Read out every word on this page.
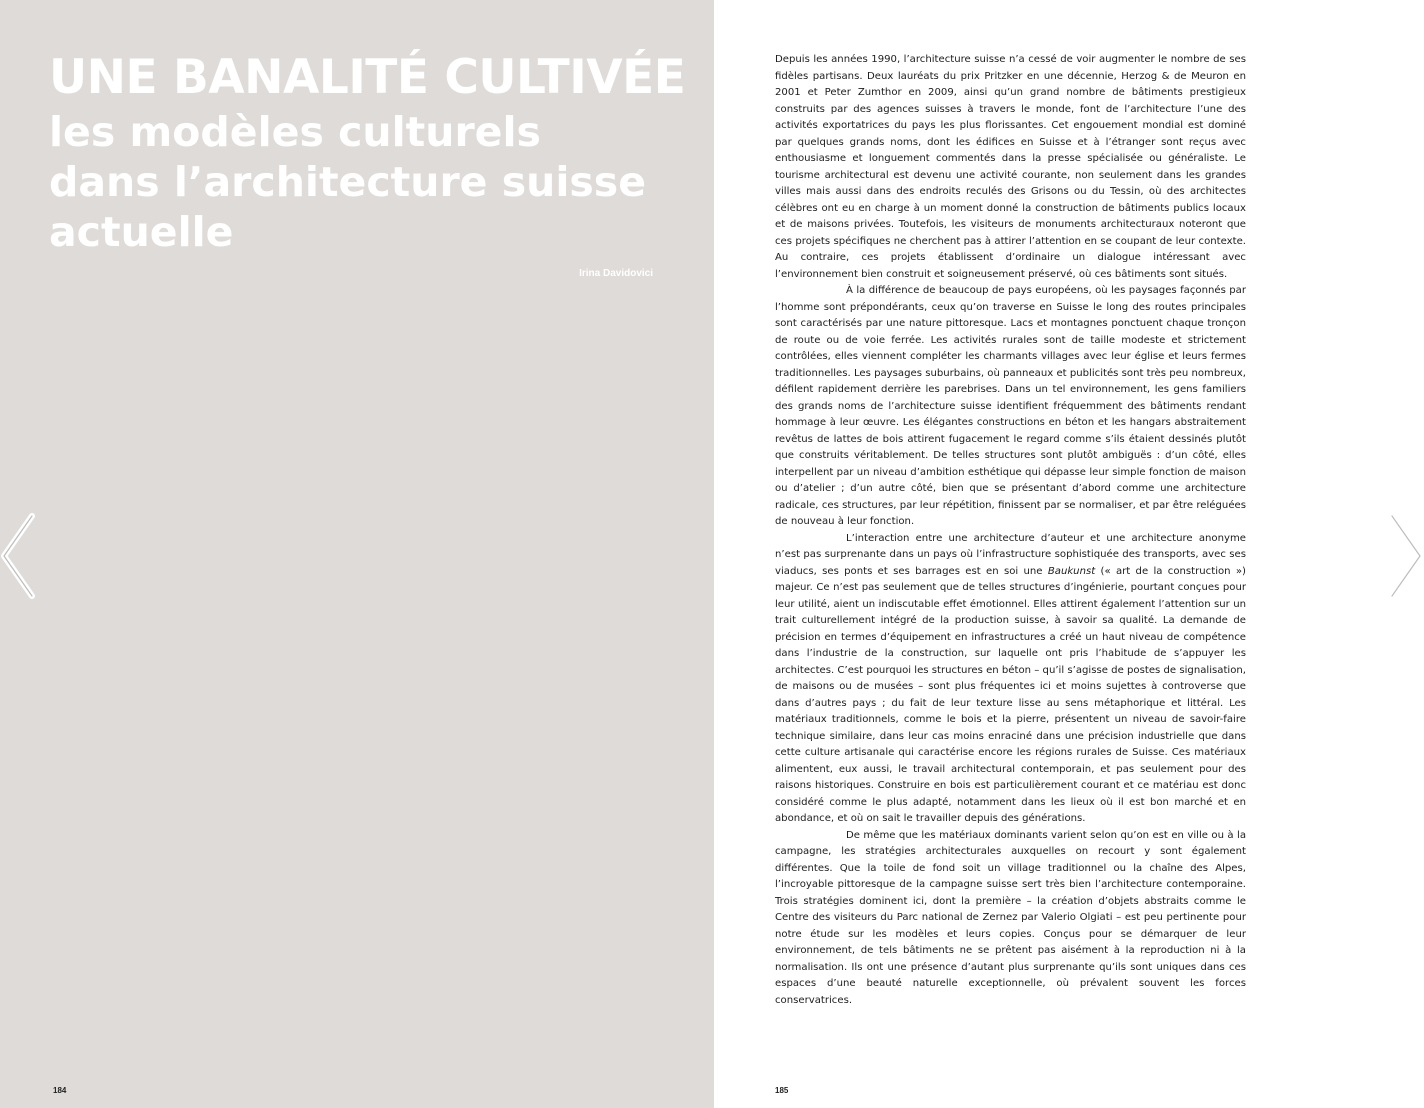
UNE BANALITÉ CULTIVÉE
les modèles culturels
dans l’architecture suisse
actuelle
Irina Davidovici
184	185

Depuis les années 1990, l’architecture suisse n’a cessé de voir augmenter le nombre de ses fidèles partisans. Deux lauréats du prix Pritzker en une décennie, Herzog & de Meuron en 2001 et Peter Zumthor en 2009, ainsi qu’un grand nombre de bâtiments prestigieux construits par des agences suisses à travers le monde, font de l’architecture l’une des activités exportatrices du pays les plus florissantes. Cet engouement mondial est dominé par quelques grands noms, dont les édifices en Suisse et à l’étranger sont reçus avec enthousiasme et longuement commentés dans la presse spécialisée ou généraliste. Le tourisme architectural est devenu une activité courante, non seulement dans les grandes villes mais aussi dans des endroits reculés des Grisons ou du Tessin, où des architectes célèbres ont eu en charge à un moment donné la construction de bâtiments publics locaux et de maisons privées. Toutefois, les visiteurs de monuments architecturaux noteront que ces projets spécifiques ne cherchent pas à attirer l’attention en se coupant de leur contexte. Au contraire, ces projets établissent d’ordinaire un dialogue intéressant avec l’environnement bien construit et soigneusement préservé, où ces bâtiments sont situés.

À la différence de beaucoup de pays européens, où les paysages façonnés par l’homme sont prépondérants, ceux qu’on traverse en Suisse le long des routes principales sont caractérisés par une nature pittoresque. Lacs et montagnes ponctuent chaque tronçon de route ou de voie ferrée. Les activités rurales sont de taille modeste et strictement contrôlées, elles viennent compléter les charmants villages avec leur église et leurs fermes traditionnelles. Les paysages suburbains, où panneaux et publicités sont très peu nombreux, défilent rapidement derrière les parebrises. Dans un tel environnement, les gens familiers des grands noms de l’architecture suisse identifient fréquemment des bâtiments rendant hommage à leur œuvre. Les élégantes constructions en béton et les hangars abstraitement revêtus de lattes de bois attirent fugacement le regard comme s’ils étaient dessinés plutôt que construits véritablement. De telles structures sont plutôt ambiguës : d’un côté, elles interpellent par un niveau d’ambition esthétique qui dépasse leur simple fonction de maison ou d’atelier ; d’un autre côté, bien que se présentant d’abord comme une architecture radicale, ces structures, par leur répétition, finissent par se normaliser, et par être reléguées de nouveau à leur fonction.

L’interaction entre une architecture d’auteur et une architecture anonyme n’est pas surprenante dans un pays où l’infrastructure sophistiquée des transports, avec ses viaducs, ses ponts et ses barrages est en soi une Baukunst (« art de la construction ») majeur. Ce n’est pas seulement que de telles structures d’ingénierie, pourtant conçues pour leur utilité, aient un indiscutable effet émotionnel. Elles attirent également l’attention sur un trait culturellement intégré de la production suisse, à savoir sa qualité. La demande de précision en termes d’équipement en infrastructures a créé un haut niveau de compétence dans l’industrie de la construction, sur laquelle ont pris l’habitude de s’appuyer les architectes. C’est pourquoi les structures en béton – qu’il s’agisse de postes de signalisation, de maisons ou de musées – sont plus fréquentes ici et moins sujettes à controverse que dans d’autres pays ; du fait de leur texture lisse au sens métaphorique et littéral. Les matériaux traditionnels, comme le bois et la pierre, présentent un niveau de savoir-faire technique similaire, dans leur cas moins enraciné dans une précision industrielle que dans cette culture artisanale qui caractérise encore les régions rurales de Suisse. Ces matériaux alimentent, eux aussi, le travail architectural contemporain, et pas seulement pour des raisons historiques. Construire en bois est particulièrement courant et ce matériau est donc considéré comme le plus adapté, notamment dans les lieux où il est bon marché et en abondance, et où on sait le travailler depuis des générations.

De même que les matériaux dominants varient selon qu’on est en ville ou à la campagne, les stratégies architecturales auxquelles on recourt y sont également différentes. Que la toile de fond soit un village traditionnel ou la chaîne des Alpes, l’incroyable pittoresque de la campagne suisse sert très bien l’architecture contemporaine. Trois stratégies dominent ici, dont la première – la création d’objets abstraits comme le Centre des visiteurs du Parc national de Zernez par Valerio Olgiati – est peu pertinente pour notre étude sur les modèles et leurs copies. Conçus pour se démarquer de leur environnement, de tels bâtiments ne se prêtent pas aisément à la reproduction ni à la normalisation. Ils ont une présence d’autant plus surprenante qu’ils sont uniques dans ces espaces d’une beauté naturelle exceptionnelle, où prévalent souvent les forces conservatrices.
